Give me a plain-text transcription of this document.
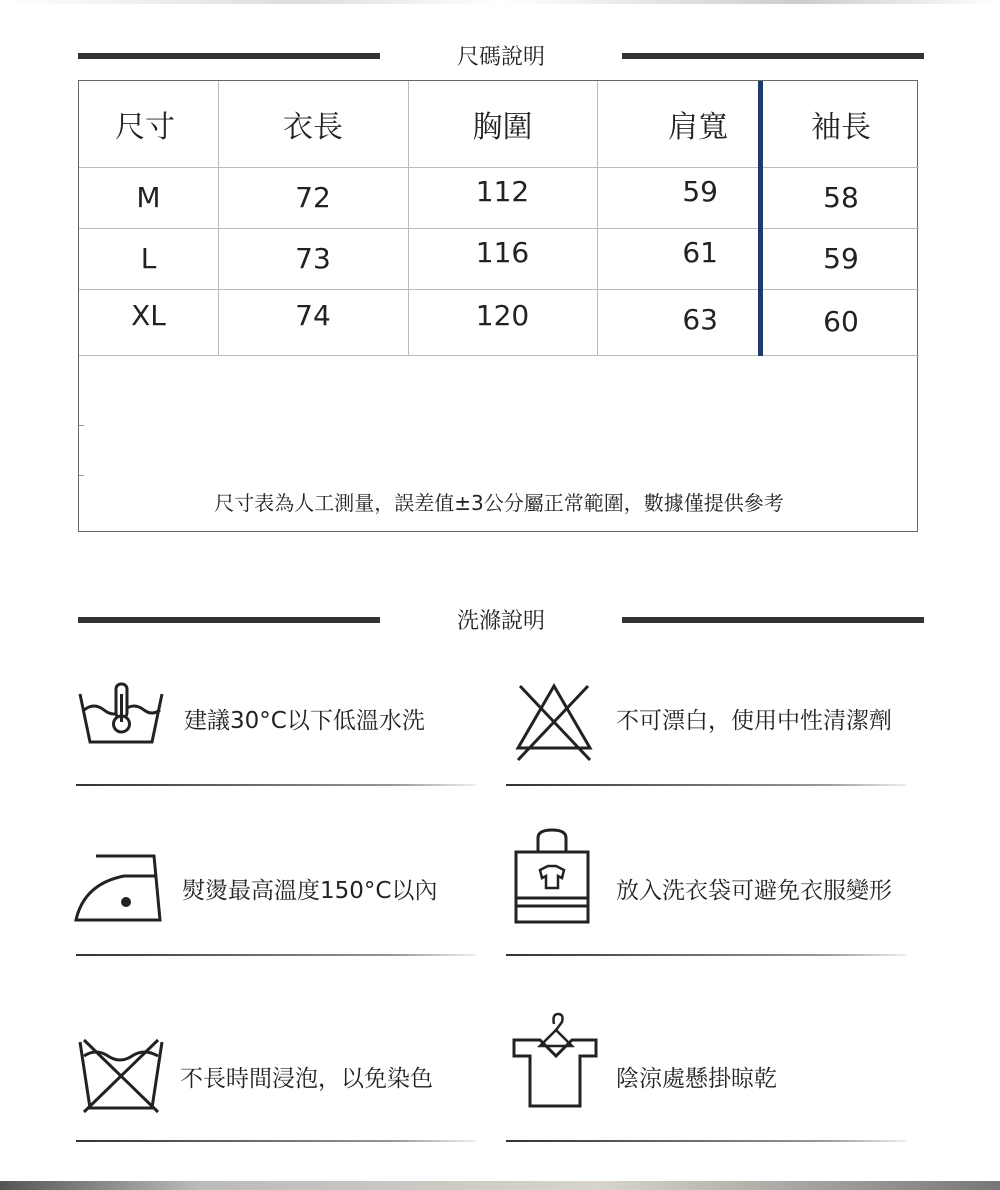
尺碼說明
尺寸	衣長	胸圍	肩寬	袖長
M	72	112	59	58
L	73	116	61	59
XL	74	120	63	60
尺寸表為人工測量，誤差值±3公分屬正常範圍，數據僅提供參考
洗滌說明
建議30°C以下低溫水洗	不可漂白，使用中性清潔劑
熨燙最高溫度150°C以內	放入洗衣袋可避免衣服變形
不長時間浸泡，以免染色	陰涼處懸掛晾乾
